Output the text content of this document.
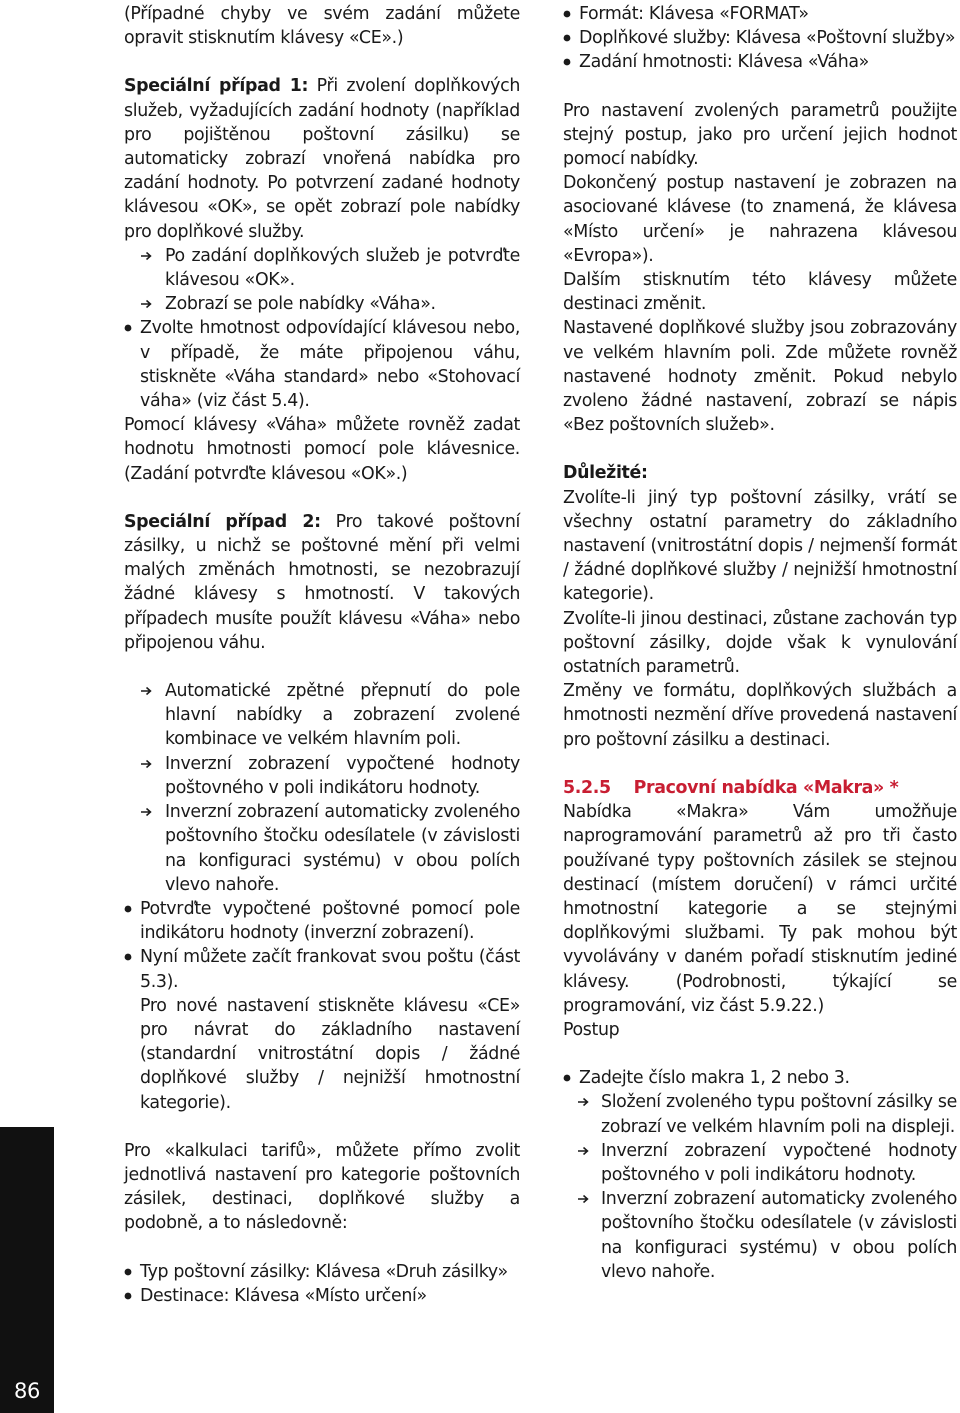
(Případné chyby ve svém zadání můžete opravit stisknutím klávesy «CE».)

Speciální případ 1: Při zvolení doplňkových služeb, vyžadujících zadání hodnoty (například pro pojištěnou poštovní zásilku) se automaticky zobrazí vnořená nabídka pro zadání hodnoty. Po potvrzení zadané hodnoty klávesou «OK», se opět zobrazí pole nabídky pro doplňkové služby.

Po zadání doplňkových služeb je potvrďte klávesou «OK».
Zobrazí se pole nabídky «Váha».
Zvolte hmotnost odpovídající klávesou nebo, v případě, že máte připojenou váhu, stiskněte «Váha standard» nebo «Stohovací váha» (viz část 5.4).

Pomocí klávesy «Váha» můžete rovněž zadat hodnotu hmotnosti pomocí pole klávesnice. (Zadání potvrďte klávesou «OK».)

Speciální případ 2: Pro takové poštovní zásilky, u nichž se poštovné mění při velmi malých změnách hmotnosti, se nezobrazují žádné klávesy s hmotností. V takových případech musíte použít klávesu «Váha» nebo připojenou váhu.

Automatické zpětné přepnutí do pole hlavní nabídky a zobrazení zvolené kombinace ve velkém hlavním poli.
Inverzní zobrazení vypočtené hodnoty poštovného v poli indikátoru hodnoty.
Inverzní zobrazení automaticky zvoleného poštovního štočku odesílatele (v závislosti na konfiguraci systému) v obou polích vlevo nahoře.
Potvrďte vypočtené poštovné pomocí pole indikátoru hodnoty (inverzní zobrazení).
Nyní můžete začít frankovat svou poštu (část 5.3).

Pro nové nastavení stiskněte klávesu «CE» pro návrat do základního nastavení (standardní vnitrostátní dopis / žádné doplňkové služby / nejnižší hmotnostní kategorie).

Pro «kalkulaci tarifů», můžete přímo zvolit jednotlivá nastavení pro kategorie poštovních zásilek, destinaci, doplňkové služby a podobně, a to následovně:

Typ poštovní zásilky: Klávesa «Druh zásilky»
Destinace: Klávesa «Místo určení»
Formát: Klávesa «FORMAT»
Doplňkové služby: Klávesa «Poštovní služby»
Zadání hmotnosti: Klávesa «Váha»

Pro nastavení zvolených parametrů použijte stejný postup, jako pro určení jejich hodnot pomocí nabídky.

Dokončený postup nastavení je zobrazen na asociované klávese (to znamená, že klávesa «Místo určení» je nahrazena klávesou «Evropa»).

Dalším stisknutím této klávesy můžete destinaci změnit.

Nastavené doplňkové služby jsou zobrazovány ve velkém hlavním poli. Zde můžete rovněž nastavené hodnoty změnit. Pokud nebylo zvoleno žádné nastavení, zobrazí se nápis «Bez poštovních služeb».

Důležité:

Zvolíte-li jiný typ poštovní zásilky, vrátí se všechny ostatní parametry do základního nastavení (vnitrostátní dopis / nejmenší formát / žádné doplňkové služby / nejnižší hmotnostní kategorie).

Zvolíte-li jinou destinaci, zůstane zachován typ poštovní zásilky, dojde však k vynulování ostatních parametrů.

Změny ve formátu, doplňkových službách a hmotnosti nezmění dříve provedená nastavení pro poštovní zásilku a destinaci.

5.2.5    Pracovní nabídka «Makra» *

Nabídka «Makra» Vám umožňuje naprogramování parametrů až pro tři často používané typy poštovních zásilek se stejnou destinací (místem doručení) v rámci určité hmotnostní kategorie a se stejnými doplňkovými službami. Ty pak mohou být vyvolávány v daném pořadí stisknutím jediné klávesy. (Podrobnosti, týkající se programování, viz část 5.9.22.)

Postup

Zadejte číslo makra 1, 2 nebo 3.
Složení zvoleného typu poštovní zásilky se zobrazí ve velkém hlavním poli na displeji.
Inverzní zobrazení vypočtené hodnoty poštovného v poli indikátoru hodnoty.
Inverzní zobrazení automaticky zvoleného poštovního štočku odesílatele (v závislosti na konfiguraci systému) v obou polích vlevo nahoře.
86
